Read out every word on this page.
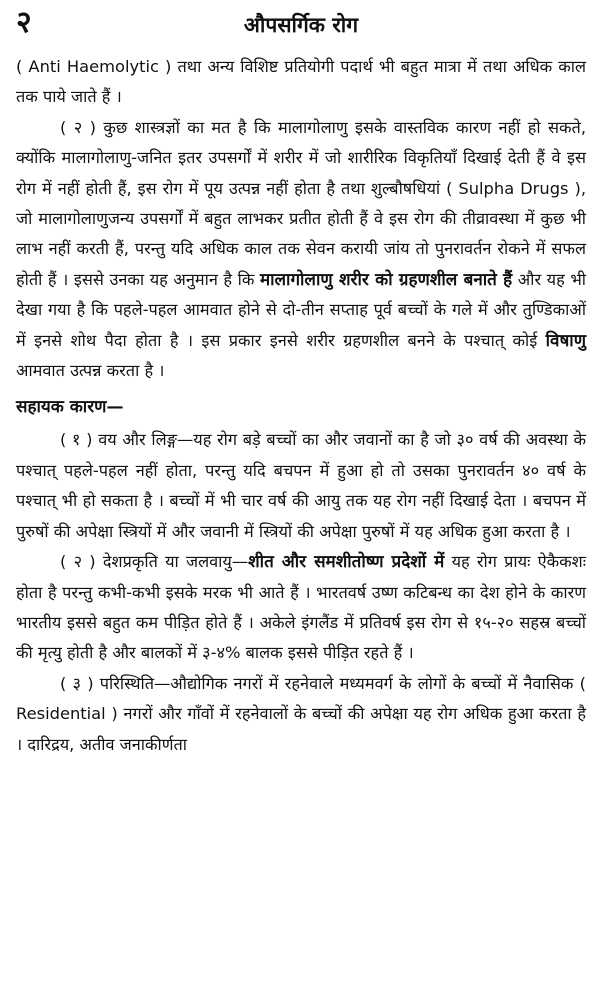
२	औपसर्गिक रोग

( Anti Haemolytic ) तथा अन्य विशिष्ट प्रतियोगी पदार्थ भी बहुत मात्रा में तथा अधिक काल तक पाये जाते हैं ।

( २ ) कुछ शास्त्रज्ञों का मत है कि मालागोलाणु इसके वास्तविक कारण नहीं हो सकते, क्योंकि मालागोलाणु-जनित इतर उपसर्गों में शरीर में जो शारीरिक विकृतियाँ दिखाई देती हैं वे इस रोग में नहीं होती हैं, इस रोग में पूय उत्पन्न नहीं होता है तथा शुल्बौषधियां ( Sulpha Drugs ), जो मालागोलाणुजन्य उपसर्गों में बहुत लाभकर प्रतीत होती हैं वे इस रोग की तीव्रावस्था में कुछ भी लाभ नहीं करती हैं, परन्तु यदि अधिक काल तक सेवन करायी जांय तो पुनरावर्तन रोकने में सफल होती हैं । इससे उनका यह अनुमान है कि मालागोलाणु शरीर को ग्रहणशील बनाते हैं और यह भी देखा गया है कि पहले-पहल आमवात होने से दो-तीन सप्ताह पूर्व बच्चों के गले में और तुण्डिकाओं में इनसे शोथ पैदा होता है । इस प्रकार इनसे शरीर ग्रहणशील बनने के पश्चात् कोई विषाणु आमवात उत्पन्न करता है ।

सहायक कारण—

( १ ) वय और लिङ्ग—यह रोग बड़े बच्चों का और जवानों का है जो ३० वर्ष की अवस्था के पश्चात् पहले-पहल नहीं होता, परन्तु यदि बचपन में हुआ हो तो उसका पुनरावर्तन ४० वर्ष के पश्चात् भी हो सकता है । बच्चों में भी चार वर्ष की आयु तक यह रोग नहीं दिखाई देता । बचपन में पुरुषों की अपेक्षा स्त्रियों में और जवानी में स्त्रियों की अपेक्षा पुरुषों में यह अधिक हुआ करता है ।

( २ ) देशप्रकृति या जलवायु—शीत और समशीतोष्ण प्रदेशों में यह रोग प्रायः ऐकैकशः होता है परन्तु कभी-कभी इसके मरक भी आते हैं । भारतवर्ष उष्ण कटिबन्ध का देश होने के कारण भारतीय इससे बहुत कम पीड़ित होते हैं । अकेले इंगलैंड में प्रतिवर्ष इस रोग से १५-२० सहस्र बच्चों की मृत्यु होती है और बालकों में ३-४% बालक इससे पीड़ित रहते हैं ।

( ३ ) परिस्थिति—औद्योगिक नगरों में रहनेवाले मध्यमवर्ग के लोगों के बच्चों में नैवासिक ( Residential ) नगरों और गाँवों में रहनेवालों के बच्चों की अपेक्षा यह रोग अधिक हुआ करता है । दारिद्रय, अतीव जनाकीर्णता
